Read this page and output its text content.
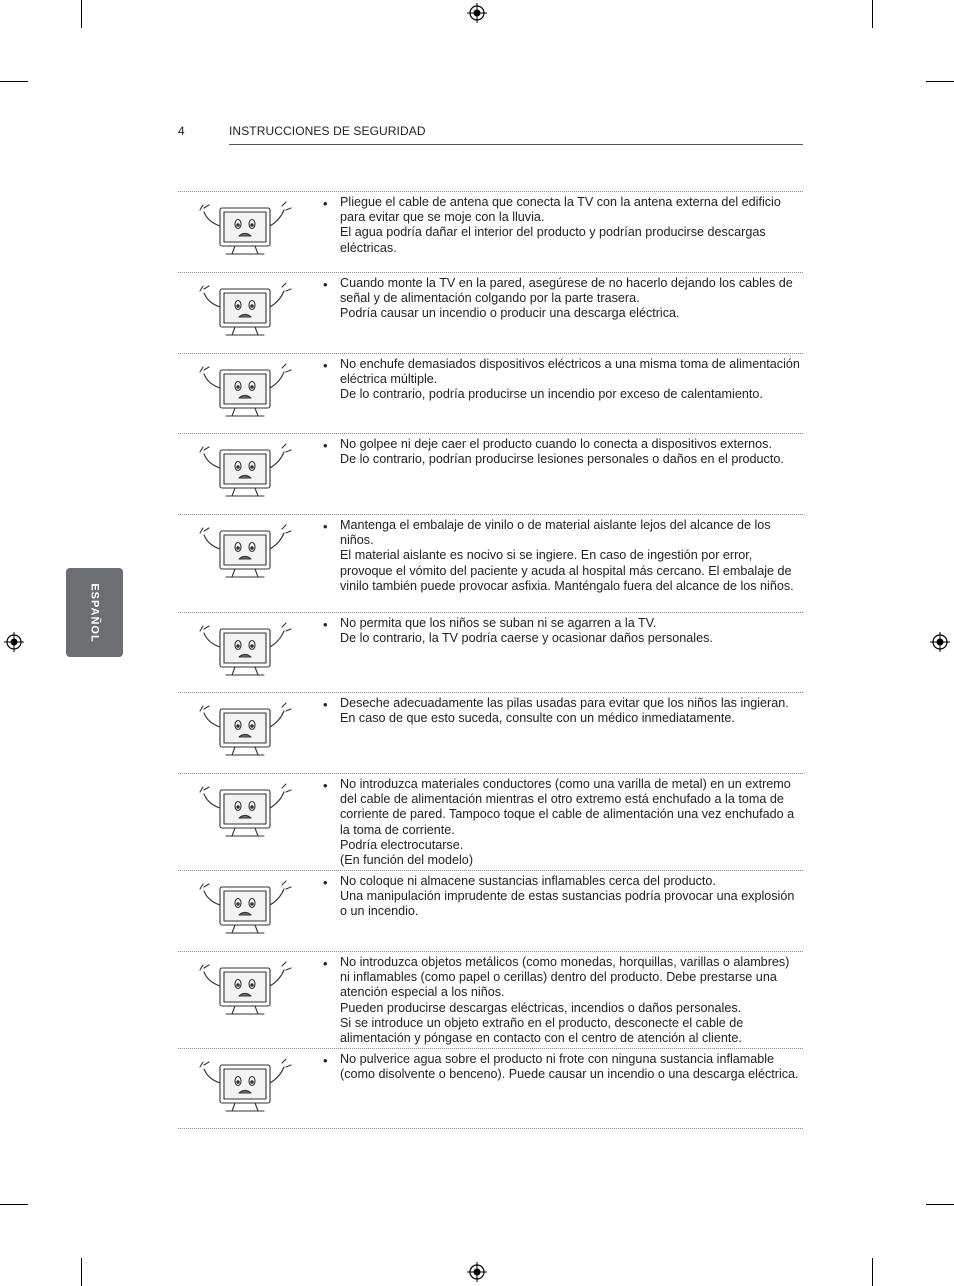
4	INSTRUCCIONES DE SEGURIDAD
ESPAÑOL
• Pliegue el cable de antena que conecta la TV con la antena externa del edificio para evitar que se moje con la lluvia.

El agua podría dañar el interior del producto y podrían producirse descargas eléctricas.

• Cuando monte la TV en la pared, asegúrese de no hacerlo dejando los cables de señal y de alimentación colgando por la parte trasera.

Podría causar un incendio o producir una descarga eléctrica.

• No enchufe demasiados dispositivos eléctricos a una misma toma de alimentación eléctrica múltiple.

De lo contrario, podría producirse un incendio por exceso de calentamiento.

• No golpee ni deje caer el producto cuando lo conecta a dispositivos externos.

De lo contrario, podrían producirse lesiones personales o daños en el producto.

• Mantenga el embalaje de vinilo o de material aislante lejos del alcance de los niños.

El material aislante es nocivo si se ingiere. En caso de ingestión por error, provoque el vómito del paciente y acuda al hospital más cercano. El embalaje de vinilo también puede provocar asfixia. Manténgalo fuera del alcance de los niños.

• No permita que los niños se suban ni se agarren a la TV.

De lo contrario, la TV podría caerse y ocasionar daños personales.

• Deseche adecuadamente las pilas usadas para evitar que los niños las ingieran.

En caso de que esto suceda, consulte con un médico inmediatamente.

• No introduzca materiales conductores (como una varilla de metal) en un extremo del cable de alimentación mientras el otro extremo está enchufado a la toma de corriente de pared. Tampoco toque el cable de alimentación una vez enchufado a la toma de corriente.

Podría electrocutarse.

(En función del modelo)

• No coloque ni almacene sustancias inflamables cerca del producto.

Una manipulación imprudente de estas sustancias podría provocar una explosión o un incendio.

• No introduzca objetos metálicos (como monedas, horquillas, varillas o alambres) ni inflamables (como papel o cerillas) dentro del producto. Debe prestarse una atención especial a los niños.

Pueden producirse descargas eléctricas, incendios o daños personales.

Si se introduce un objeto extraño en el producto, desconecte el cable de alimentación y póngase en contacto con el centro de atención al cliente.

• No pulverice agua sobre el producto ni frote con ninguna sustancia inflamable (como disolvente o benceno). Puede causar un incendio o una descarga eléctrica.
